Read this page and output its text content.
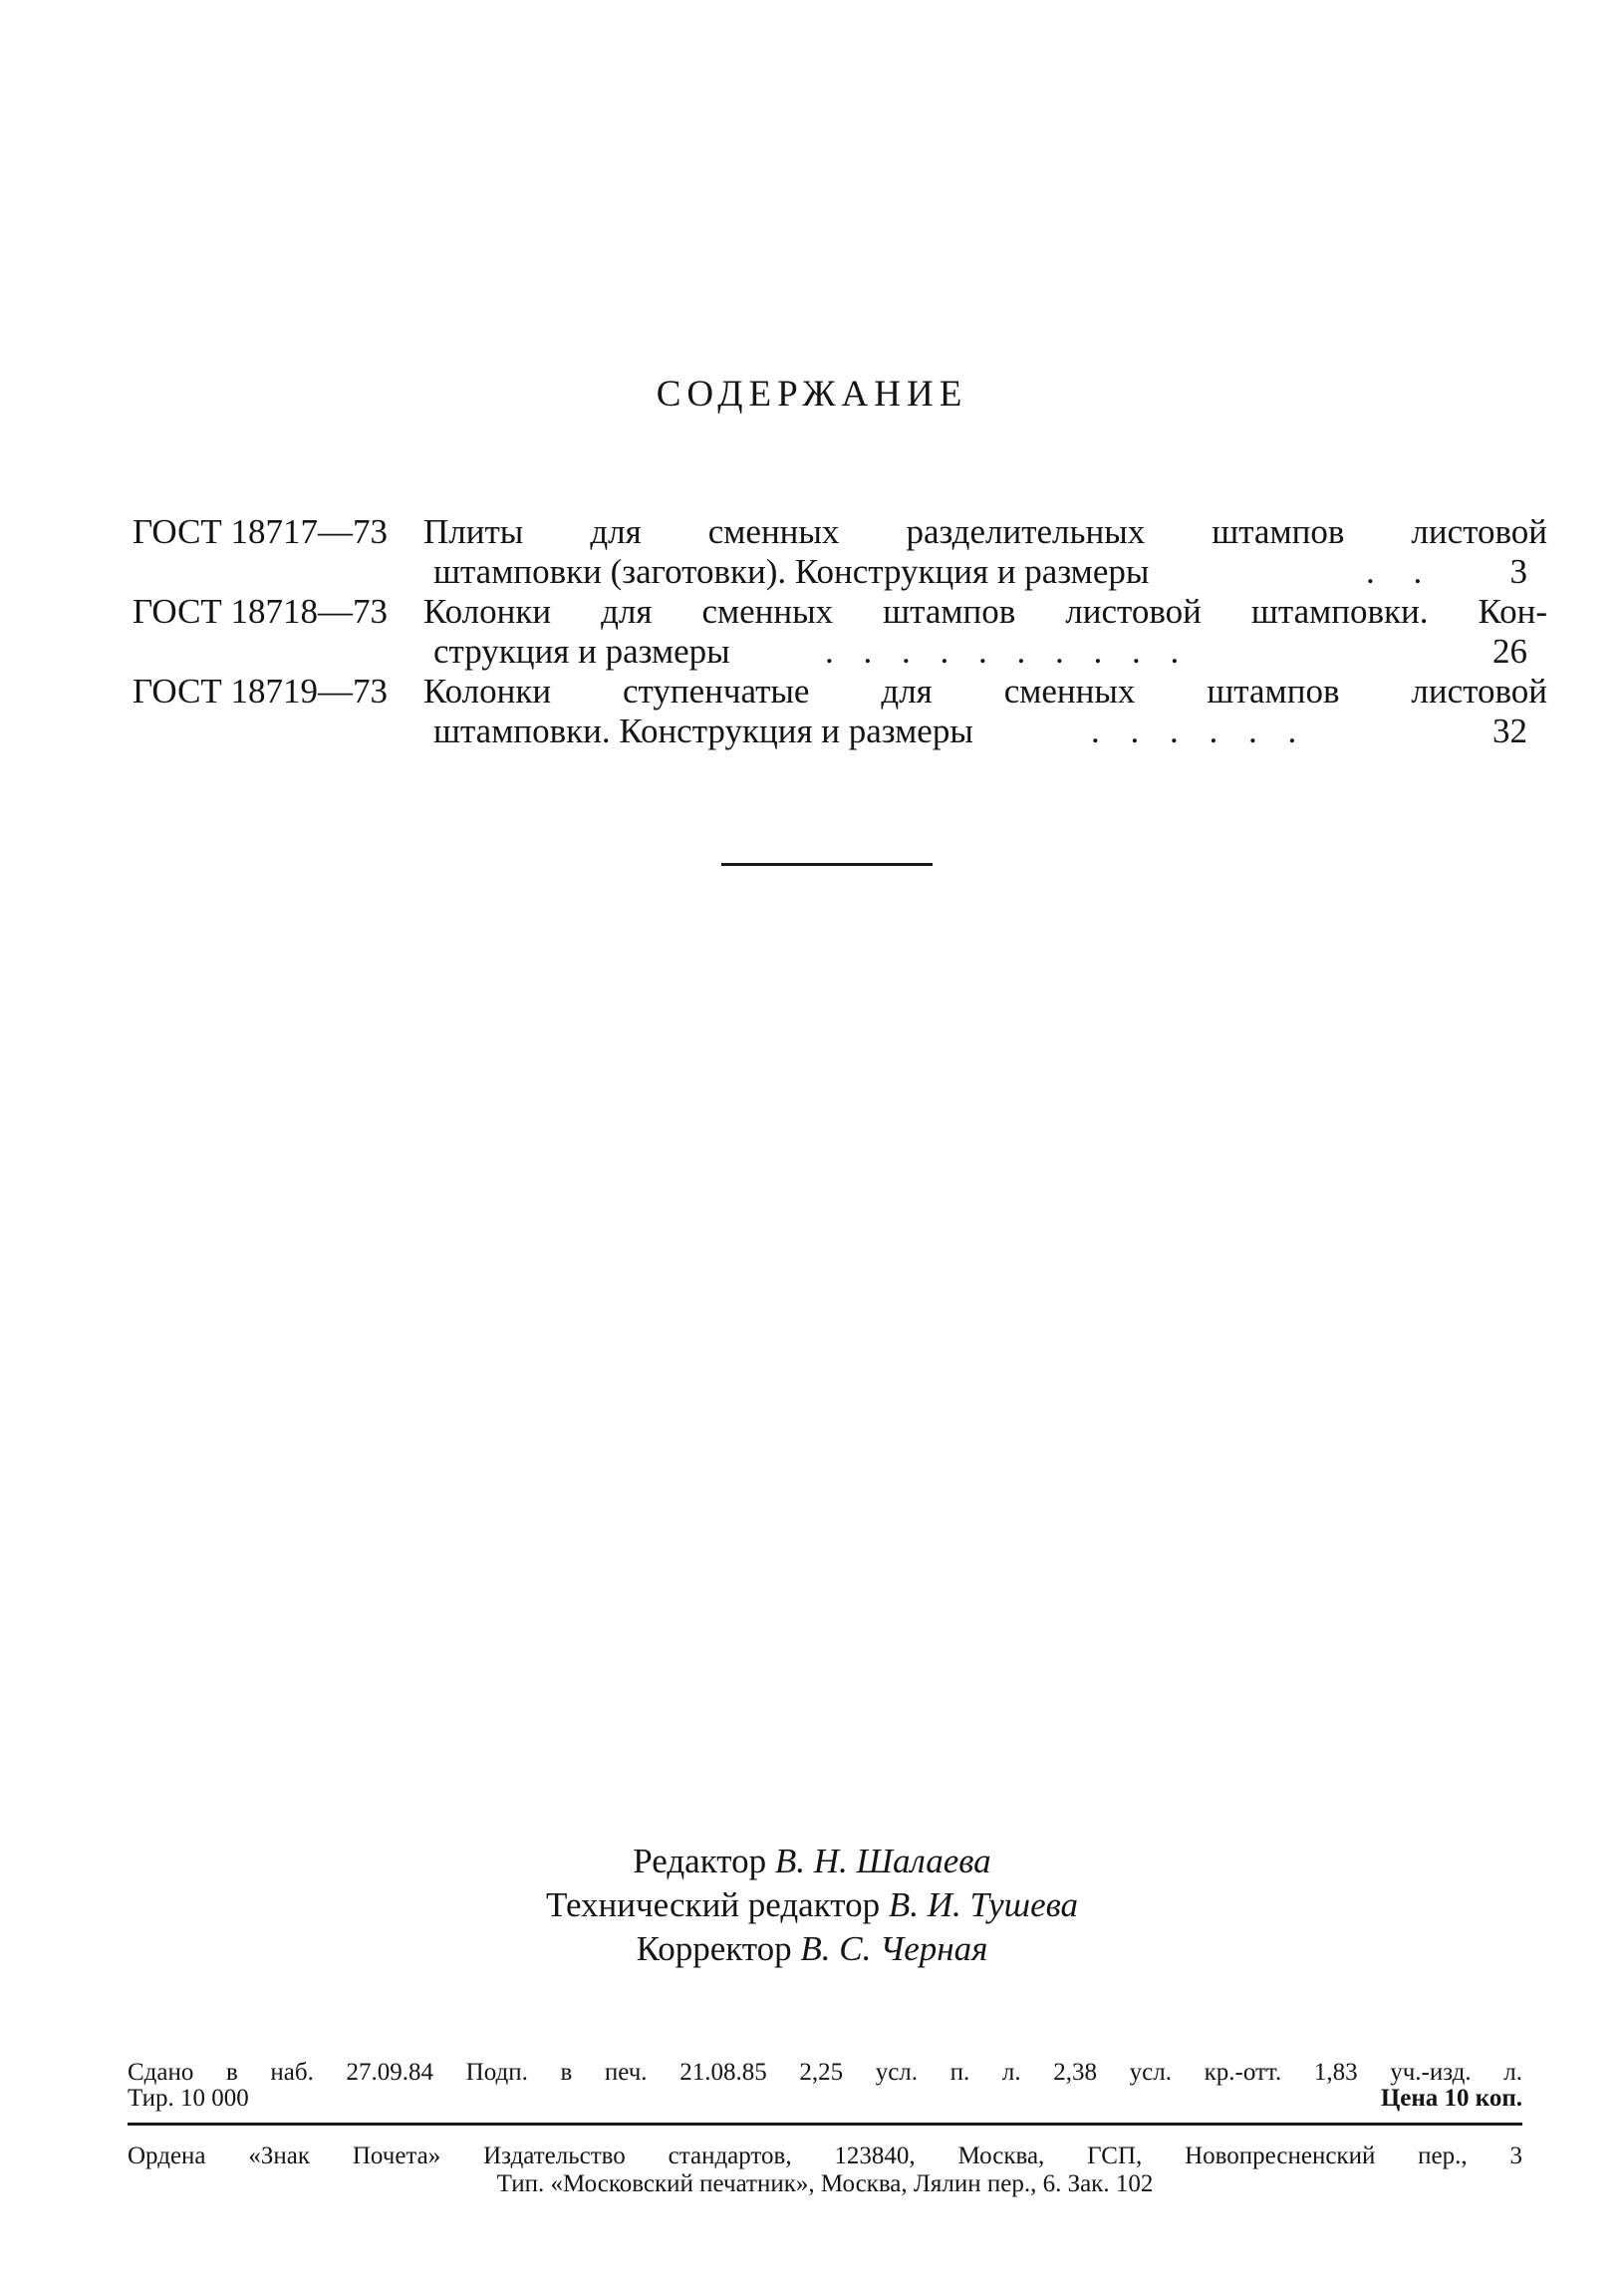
СОДЕРЖАНИЕ
ГОСТ 18717—73 Плиты для сменных разделительных штампов листовой
штамповки (заготовки). Конструкция и размеры	. .	3
ГОСТ 18718—73 Колонки для сменных штампов листовой штамповки. Кон-
струкция и размеры	. . . . . . . . . .	26
ГОСТ 18719—73 Колонки ступенчатые для сменных штампов листовой
штамповки. Конструкция и размеры	. . . . . .	32
Редактор В. Н. Шалаева
Технический редактор В. И. Тушева
Корректор В. С. Черная
Сдано в наб. 27.09.84 Подп. в печ. 21.08.85 2,25 усл. п. л. 2,38 усл. кр.-отт. 1,83 уч.-изд. л.
Тир. 10 000	Цена 10 коп.
Ордена «Знак Почета» Издательство стандартов, 123840, Москва, ГСП, Новопресненский пер., 3
Тип. «Московский печатник», Москва, Лялин пер., 6. Зак. 102
